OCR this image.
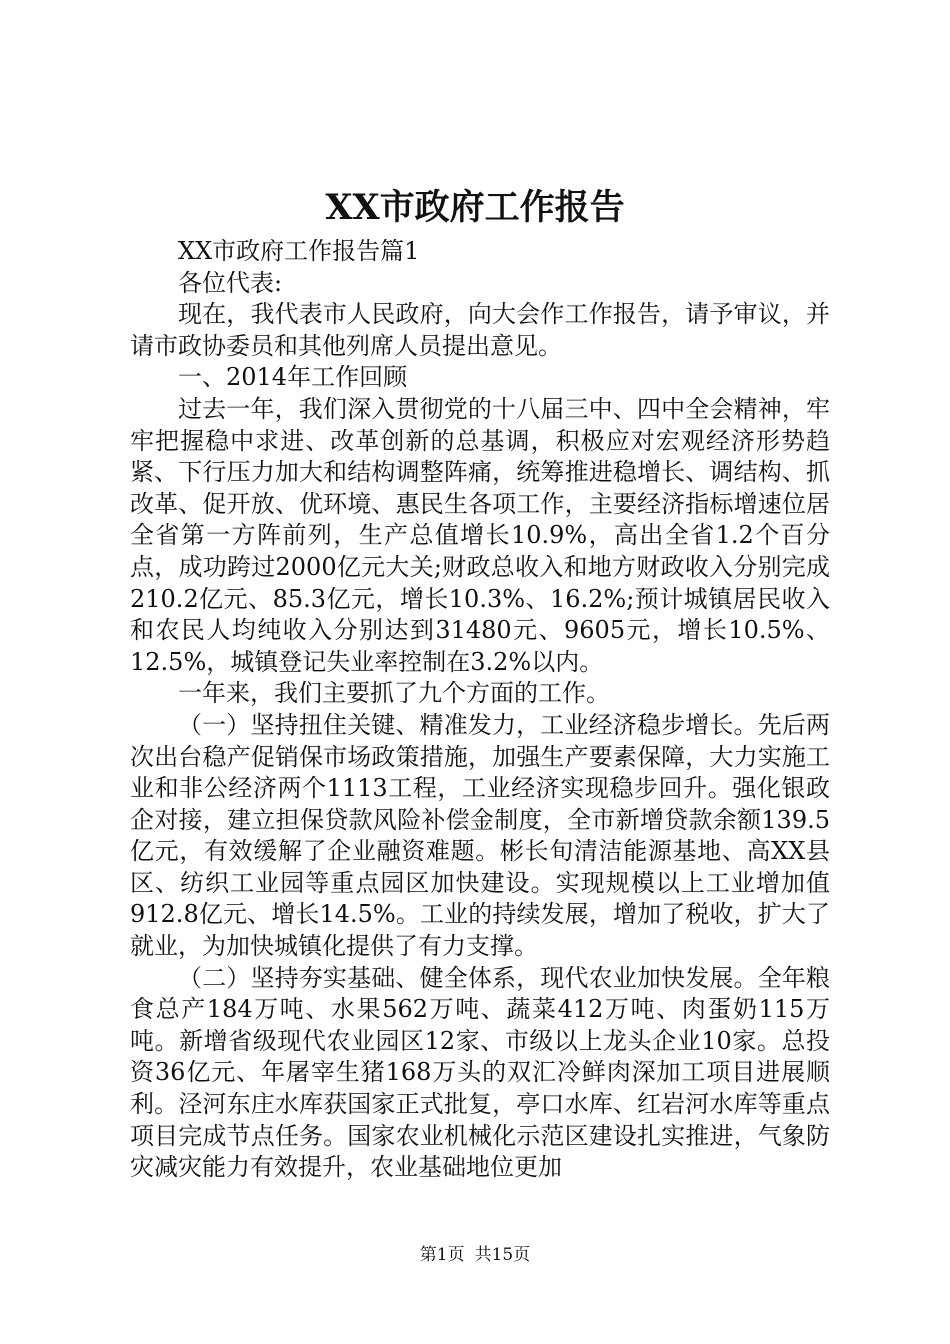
XX市政府工作报告

XX市政府工作报告篇1

各位代表:

现在，我代表市人民政府，向大会作工作报告，请予审议，并请市政协委员和其他列席人员提出意见。

一、2014年工作回顾

过去一年，我们深入贯彻党的十八届三中、四中全会精神，牢牢把握稳中求进、改革创新的总基调，积极应对宏观经济形势趋紧、下行压力加大和结构调整阵痛，统筹推进稳增长、调结构、抓改革、促开放、优环境、惠民生各项工作，主要经济指标增速位居全省第一方阵前列，生产总值增长10.9%，高出全省1.2个百分点，成功跨过2000亿元大关;财政总收入和地方财政收入分别完成210.2亿元、85.3亿元，增长10.3%、16.2%;预计城镇居民收入和农民人均纯收入分别达到31480元、9605元，增长10.5%、12.5%，城镇登记失业率控制在3.2%以内。

一年来，我们主要抓了九个方面的工作。

（一）坚持扭住关键、精准发力，工业经济稳步增长。先后两次出台稳产促销保市场政策措施，加强生产要素保障，大力实施工业和非公经济两个1113工程，工业经济实现稳步回升。强化银政企对接，建立担保贷款风险补偿金制度，全市新增贷款余额139.5亿元，有效缓解了企业融资难题。彬长旬清洁能源基地、高XX县区、纺织工业园等重点园区加快建设。实现规模以上工业增加值912.8亿元、增长14.5%。工业的持续发展，增加了税收，扩大了就业，为加快城镇化提供了有力支撑。

（二）坚持夯实基础、健全体系，现代农业加快发展。全年粮食总产184万吨、水果562万吨、蔬菜412万吨、肉蛋奶115万吨。新增省级现代农业园区12家、市级以上龙头企业10家。总投资36亿元、年屠宰生猪168万头的双汇冷鲜肉深加工项目进展顺利。泾河东庄水库获国家正式批复，亭口水库、红岩河水库等重点项目完成节点任务。国家农业机械化示范区建设扎实推进，气象防灾减灾能力有效提升，农业基础地位更加

第1页 共15页
